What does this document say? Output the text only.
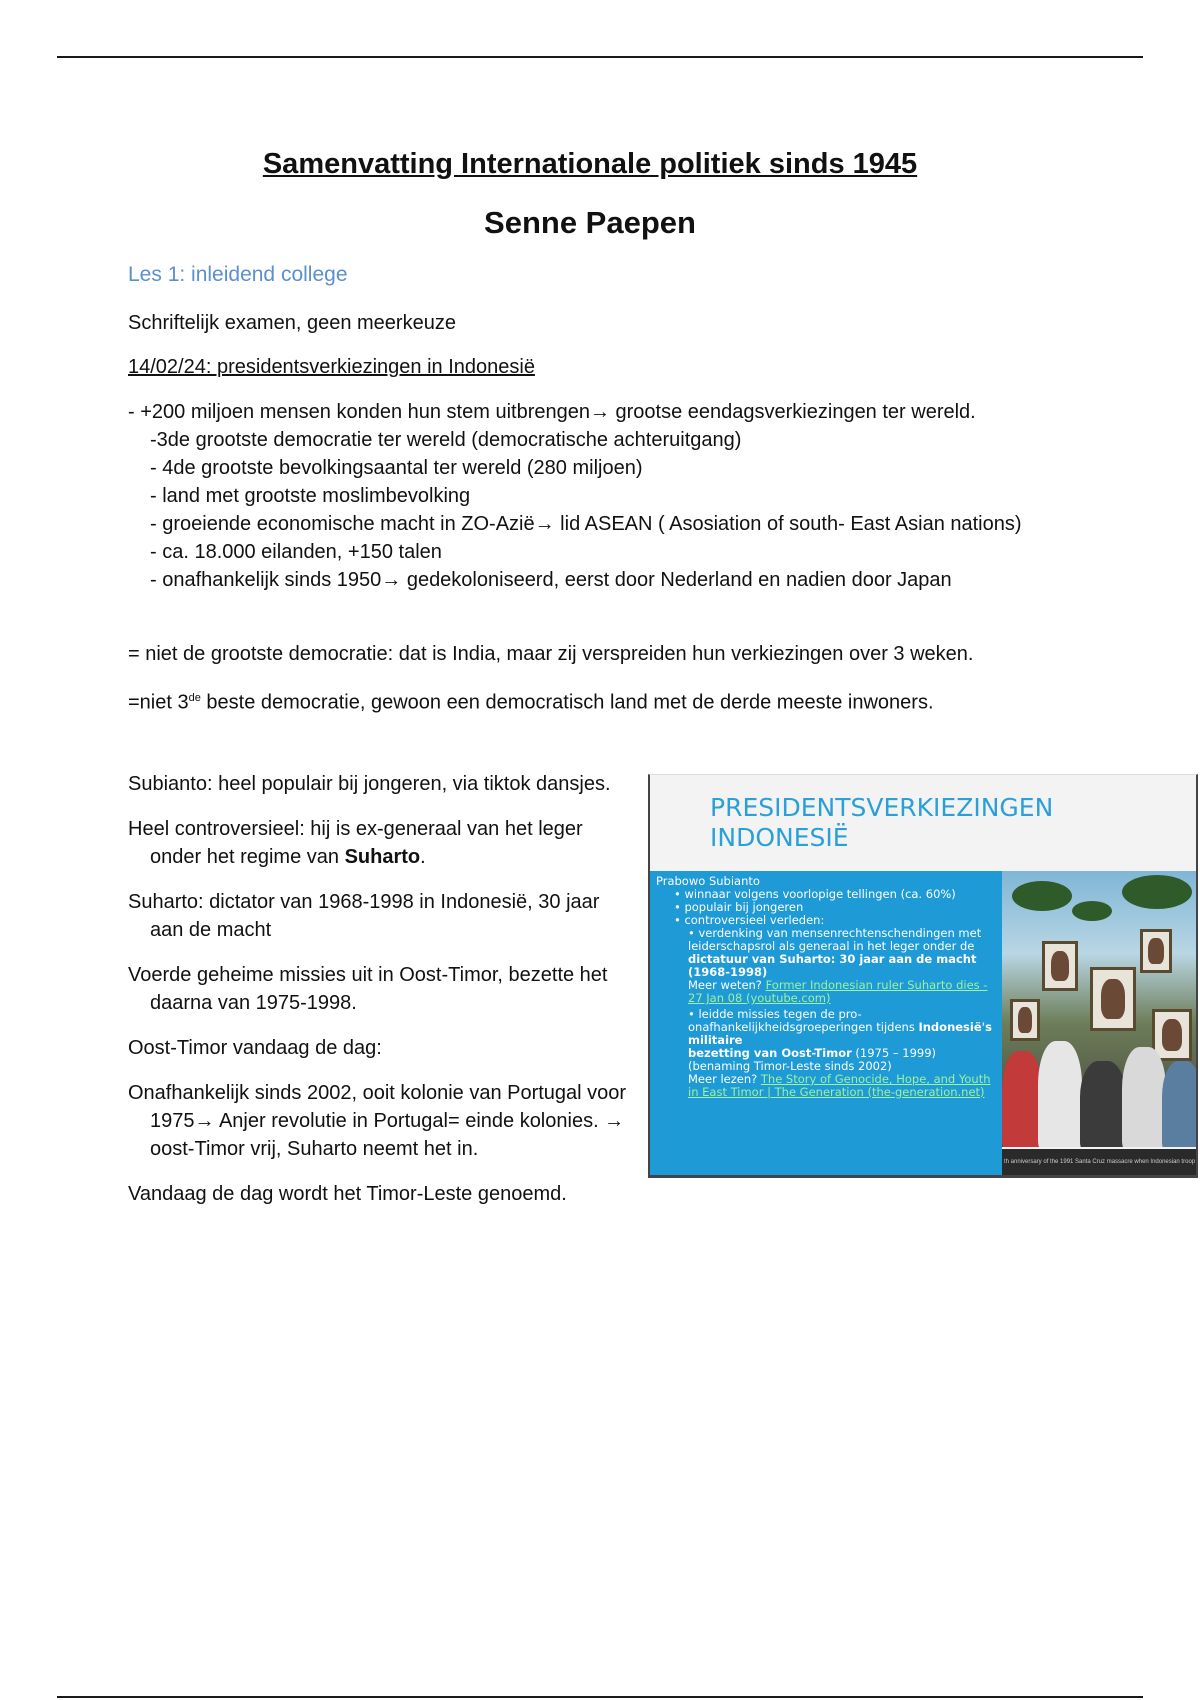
Samenvatting Internationale politiek sinds 1945
Senne Paepen
Les 1: inleidend college
Schriftelijk examen, geen meerkeuze
14/02/24: presidentsverkiezingen in Indonesië
- +200 miljoen mensen konden hun stem uitbrengen→ grootse eendagsverkiezingen ter wereld.
-3de grootste democratie ter wereld (democratische achteruitgang)
- 4de grootste bevolkingsaantal ter wereld (280 miljoen)
- land met grootste moslimbevolking
- groeiende economische macht in ZO-Azië→ lid ASEAN ( Asosiation of south- East Asian nations)
- ca. 18.000 eilanden, +150 talen
- onafhankelijk sinds 1950→ gedekoloniseerd, eerst door Nederland en nadien door Japan
= niet de grootste democratie: dat is India, maar zij verspreiden hun verkiezingen over 3 weken.
=niet 3de beste democratie, gewoon een democratisch land met de derde meeste inwoners.

Subianto: heel populair bij jongeren, via tiktok dansjes.

Heel controversieel: hij is ex-generaal van het leger onder het regime van Suharto.

Suharto: dictator van 1968-1998 in Indonesië, 30 jaar aan de macht

Voerde geheime missies uit in Oost-Timor, bezette het daarna van 1975-1998.

Oost-Timor vandaag de dag:

Onafhankelijk sinds 2002, ooit kolonie van Portugal voor 1975→ Anjer revolutie in Portugal= einde kolonies. → oost-Timor vrij, Suharto neemt het in.

Vandaag de dag wordt het Timor-Leste genoemd.

PRESIDENTSVERKIEZINGEN
INDONESIË
Prabowo Subianto
• winnaar volgens voorlopige tellingen (ca. 60%)
• populair bij jongeren
• controversieel verleden:
• verdenking van mensenrechtenschendingen met leiderschapsrol als generaal in het leger onder de dictatuur van Suharto: 30 jaar aan de macht (1968-1998)
Meer weten? Former Indonesian ruler Suharto dies - 27 Jan 08 (youtube.com)
• leidde missies tegen de pro-onafhankelijkheidsgroeperingen tijdens Indonesië's militaire
bezetting van Oost-Timor (1975 – 1999)
(benaming Timor-Leste sinds 2002)
Meer lezen? The Story of Genocide, Hope, and Youth in East Timor | The Generation (the-generation.net)
th anniversary of the 1991 Santa Cruz massacre when Indonesian troop
